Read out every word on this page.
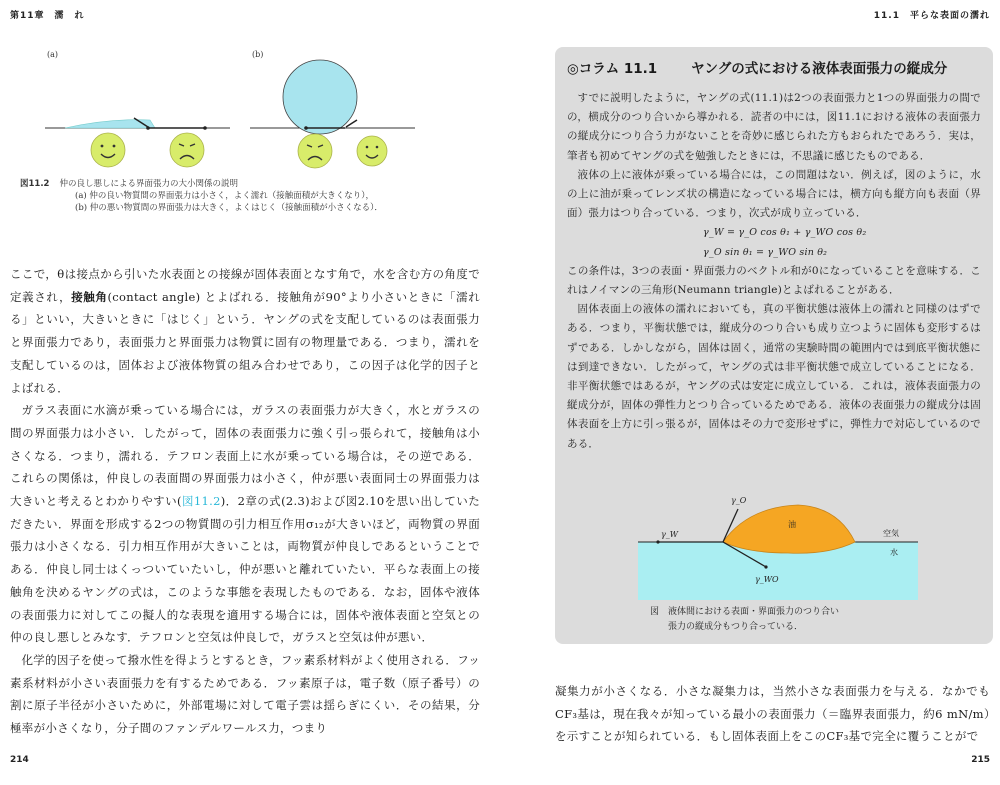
第11章　濡　れ
(a)	(b)
図11.2 仲の良し悪しによる界面張力の大小関係の説明
(a) 仲の良い物質間の界面張力は小さく，よく濡れ（接触面積が大きくなり），
(b) 仲の悪い物質間の界面張力は大きく，よくはじく（接触面積が小さくなる）．

ここで，θは接点から引いた水表面との接線が固体表面となす角で，水を含む方の角度で定義され，接触角(contact angle) とよばれる．接触角が90°より小さいときに「濡れる」といい，大きいときに「はじく」という．ヤングの式を支配しているのは表面張力と界面張力であり，表面張力と界面張力は物質に固有の物理量である．つまり，濡れを支配しているのは，固体および液体物質の組み合わせであり，この因子は化学的因子とよばれる．

ガラス表面に水滴が乗っている場合には，ガラスの表面張力が大きく，水とガラスの間の界面張力は小さい．したがって，固体の表面張力に強く引っ張られて，接触角は小さくなる．つまり，濡れる．テフロン表面上に水が乗っている場合は，その逆である．これらの関係は，仲良しの表面間の界面張力は小さく，仲が悪い表面同士の界面張力は大きいと考えるとわかりやすい(図11.2)．2章の式(2.3)および図2.10を思い出していただきたい．界面を形成する2つの物質間の引力相互作用σ₁₂が大きいほど，両物質の界面張力は小さくなる．引力相互作用が大きいことは，両物質が仲良しであるということである．仲良し同士はくっついていたいし，仲が悪いと離れていたい．平らな表面上の接触角を決めるヤングの式は，このような事態を表現したものである．なお，固体や液体の表面張力に対してこの擬人的な表現を適用する場合には，固体や液体表面と空気との仲の良し悪しとみなす．テフロンと空気は仲良しで，ガラスと空気は仲が悪い．

化学的因子を使って撥水性を得ようとするとき，フッ素系材料がよく使用される．フッ素系材料が小さい表面張力を有するためである．フッ素原子は，電子数（原子番号）の割に原子半径が小さいために，外部電場に対して電子雲は揺らぎにくい．その結果，分極率が小さくなり，分子間のファンデルワールス力，つまり

214
11.1　平らな表面の濡れ
215
◎コラム 11.1	ヤングの式における液体表面張力の縦成分

すでに説明したように，ヤングの式(11.1)は2つの表面張力と1つの界面張力の間での，横成分のつり合いから導かれる．読者の中には，図11.1における液体の表面張力の縦成分につり合う力がないことを奇妙に感じられた方もおられたであろう．実は，筆者も初めてヤングの式を勉強したときには，不思議に感じたものである．

液体の上に液体が乗っている場合には，この問題はない．例えば，図のように，水の上に油が乗ってレンズ状の構造になっている場合には，横方向も縦方向も表面（界面）張力はつり合っている．つまり，次式が成り立っている．

γ_W = γ_O cos θ₁ + γ_WO cos θ₂

γ_O sin θ₁ = γ_WO sin θ₂

この条件は，3つの表面・界面張力のベクトル和が0になっていることを意味する．これはノイマンの三角形(Neumann triangle)とよばれることがある．

固体表面上の液体の濡れにおいても，真の平衡状態は液体上の濡れと同様のはずである．つまり，平衡状態では，縦成分のつり合いも成り立つように固体も変形するはずである．しかしながら，固体は固く，通常の実験時間の範囲内では到底平衡状態には到達できない．したがって，ヤングの式は非平衡状態で成立していることになる．非平衡状態ではあるが，ヤングの式は安定に成立している．これは，液体表面張力の縦成分が，固体の弾性力とつり合っているためである．液体の表面張力の縦成分は固体表面を上方に引っ張るが，固体はその力で変形せずに，弾性力で対応しているのである．

γ_O
γ_W
γ_WO
油
空気
水
図　液体間における表面・界面張力のつり合い
張力の縦成分もつり合っている．
凝集力が小さくなる．小さな凝集力は，当然小さな表面張力を与える．なかでもCF₃基は，現在我々が知っている最小の表面張力（＝臨界表面張力，約6 mN/m）を示すことが知られている．もし固体表面上をこのCF₃基で完全に覆うことがで
